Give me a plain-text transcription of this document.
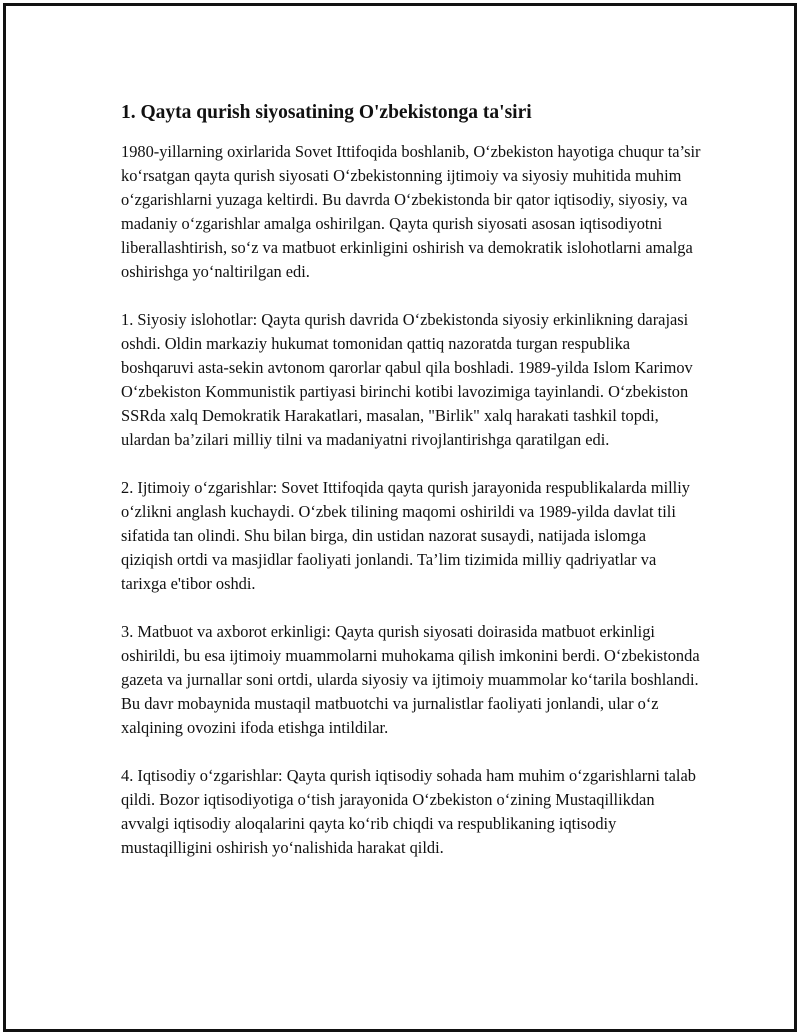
1. Qayta qurish siyosatining O'zbekistonga ta'siri

1980-yillarning oxirlarida Sovet Ittifoqida boshlanib, O‘zbekiston hayotiga chuqur ta’sir ko‘rsatgan qayta qurish siyosati O‘zbekistonning ijtimoiy va siyosiy muhitida muhim o‘zgarishlarni yuzaga keltirdi. Bu davrda O‘zbekistonda bir qator iqtisodiy, siyosiy, va madaniy o‘zgarishlar amalga oshirilgan. Qayta qurish siyosati asosan iqtisodiyotni liberallashtirish, so‘z va matbuot erkinligini oshirish va demokratik islohotlarni amalga oshirishga yo‘naltirilgan edi.

1. Siyosiy islohotlar: Qayta qurish davrida O‘zbekistonda siyosiy erkinlikning darajasi oshdi. Oldin markaziy hukumat tomonidan qattiq nazoratda turgan respublika boshqaruvi asta-sekin avtonom qarorlar qabul qila boshladi. 1989-yilda Islom Karimov O‘zbekiston Kommunistik partiyasi birinchi kotibi lavozimiga tayinlandi. O‘zbekiston SSRda xalq Demokratik Harakatlari, masalan, "Birlik" xalq harakati tashkil topdi, ulardan ba’zilari milliy tilni va madaniyatni rivojlantirishga qaratilgan edi.

2. Ijtimoiy o‘zgarishlar: Sovet Ittifoqida qayta qurish jarayonida respublikalarda milliy o‘zlikni anglash kuchaydi. O‘zbek tilining maqomi oshirildi va 1989-yilda davlat tili sifatida tan olindi. Shu bilan birga, din ustidan nazorat susaydi, natijada islomga qiziqish ortdi va masjidlar faoliyati jonlandi. Ta’lim tizimida milliy qadriyatlar va tarixga e'tibor oshdi.

3. Matbuot va axborot erkinligi: Qayta qurish siyosati doirasida matbuot erkinligi oshirildi, bu esa ijtimoiy muammolarni muhokama qilish imkonini berdi. O‘zbekistonda gazeta va jurnallar soni ortdi, ularda siyosiy va ijtimoiy muammolar ko‘tarila boshlandi. Bu davr mobaynida mustaqil matbuotchi va jurnalistlar faoliyati jonlandi, ular o‘z xalqining ovozini ifoda etishga intildilar.

4. Iqtisodiy o‘zgarishlar: Qayta qurish iqtisodiy sohada ham muhim o‘zgarishlarni talab qildi. Bozor iqtisodiyotiga o‘tish jarayonida O‘zbekiston o‘zining Mustaqillikdan avvalgi iqtisodiy aloqalarini qayta ko‘rib chiqdi va respublikaning iqtisodiy mustaqilligini oshirish yo‘nalishida harakat qildi.
